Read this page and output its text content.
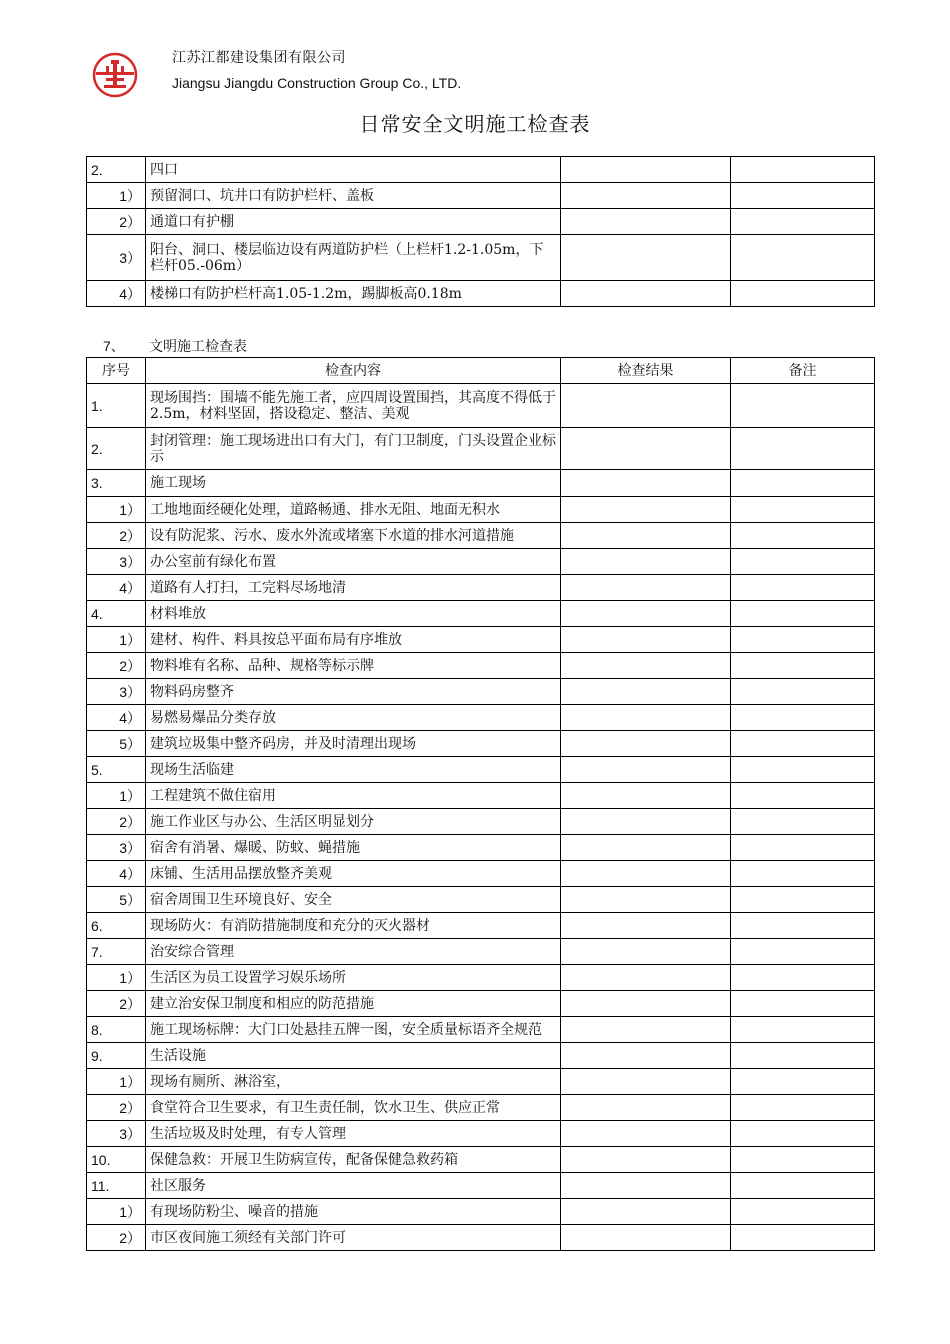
江苏江都建设集团有限公司
Jiangsu Jiangdu Construction Group Co., LTD.
日常安全文明施工检查表
2.	四口		
1）	预留洞口、坑井口有防护栏杆、盖板		
2）	通道口有护棚		
3）	阳台、洞口、楼层临边设有两道防护栏（上栏杆1.2-1.05m，下栏杆05.-06m）		
4）	楼梯口有防护栏杆高1.05-1.2m，踢脚板高0.18m		
7、 文明施工检查表
序号	检查内容	检查结果	备注
1.	现场围挡：围墙不能先施工者，应四周设置围挡，其高度不得低于2.5m，材料坚固，搭设稳定、整洁、美观		
2.	封闭管理：施工现场进出口有大门，有门卫制度，门头设置企业标示		
3.	施工现场		
1）	工地地面经硬化处理，道路畅通、排水无阻、地面无积水		
2）	设有防泥浆、污水、废水外流或堵塞下水道的排水河道措施		
3）	办公室前有绿化布置		
4）	道路有人打扫，工完料尽场地清		
4.	材料堆放		
1）	建材、构件、料具按总平面布局有序堆放		
2）	物料堆有名称、品种、规格等标示牌		
3）	物料码房整齐		
4）	易燃易爆品分类存放		
5）	建筑垃圾集中整齐码房，并及时清理出现场		
5.	现场生活临建		
1）	工程建筑不做住宿用		
2）	施工作业区与办公、生活区明显划分		
3）	宿舍有消暑、爆暖、防蚊、蝇措施		
4）	床铺、生活用品摆放整齐美观		
5）	宿舍周围卫生环境良好、安全		
6.	现场防火：有消防措施制度和充分的灭火器材		
7.	治安综合管理		
1）	生活区为员工设置学习娱乐场所		
2）	建立治安保卫制度和相应的防范措施		
8.	施工现场标牌：大门口处悬挂五牌一图，安全质量标语齐全规范		
9.	生活设施		
1）	现场有厕所、淋浴室，		
2）	食堂符合卫生要求，有卫生责任制，饮水卫生、供应正常		
3）	生活垃圾及时处理，有专人管理		
10.	保健急救：开展卫生防病宣传，配备保健急救药箱		
11.	社区服务		
1）	有现场防粉尘、噪音的措施		
2）	市区夜间施工须经有关部门许可		
